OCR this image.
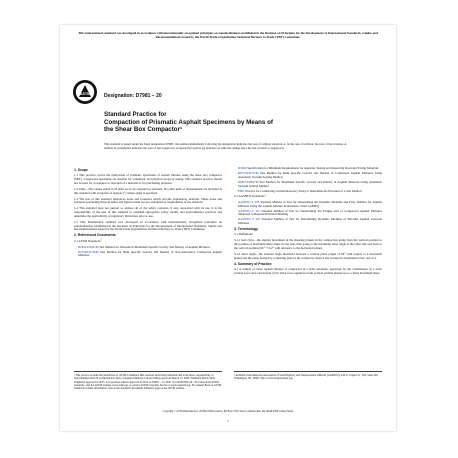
This international standard was developed in accordance with internationally recognized principles on standardization established in the Decision on Principles for the Development of International Standards, Guides and Recommendations issued by the World Trade Organization Technical Barriers to Trade (TBT) Committee.
ASTM	Designation: D7981 − 20
Standard Practice for
Compaction of Prismatic Asphalt Specimens by Means of
the Shear Box Compactor¹
This standard is issued under the fixed designation D7981; the number immediately following the designation indicates the year of original adoption or, in the case of revision, the year of last revision. A number in parentheses indicates the year of last reapproval. A superscript epsilon (ε) indicates an editorial change since the last revision or reapproval.
1. Scope

1.1 This practice covers the fabrication of prismatic specimens of asphalt mixture using the shear box compactor (SBC). Compacted specimens are suitable for volumetric and physical property testing. This standard practice should not be used for acceptance to rejection of a material or for purchasing purposes.

1.2 Units—The values stated in SI units are to be regarded as standard. No other units of measurement are included in this standard with exception of degrees (°) where angle is specified.

1.3 The text of this standard references notes and footnotes which provide explanatory material. These notes and footnotes (excluding those in tables and figures) shall not be considered as requirements of the standard.

1.4 This standard does not purport to address all of the safety concerns, if any, associated with its use. It is the responsibility of the user of this standard to establish appropriate safety, health, and environmental practices and determine the applicability of regulatory limitations prior to use.

1.5 This international standard was developed in accordance with internationally recognized principles on standardization established in the Decision on Principles for the Development of International Standards, Guides and Recommendations issued by the World Trade Organization Technical Barriers to Trade (TBT) Committee.

2. Referenced Documents

2.1 ASTM Standards:²

D2041/D2041M Test Method for Theoretical Maximum Specific Gravity and Density of Asphalt Mixtures

D2726/D2726M Test Method for Bulk Specific Gravity and Density of Non-Absorptive Compacted Asphalt Mixtures

D3666 Specification for Minimum Requirements for Agencies Testing and Inspecting Road and Paving Materials

D6752/D6752M Test Method for Bulk Specific Gravity and Density of Compacted Asphalt Mixtures Using Automatic Vacuum Sealing Method

D6857/D6857M Test Method for Maximum Specific Gravity and Density of Asphalt Mixtures Using Automatic Vacuum Sealing Method

E691 Practice for Conducting an Interlaboratory Study to Determine the Precision of a Test Method

2.2 AASHTO Standards:³

AASHTO T 378 Standard Method of Test for Determining the Dynamic Modulus and Flow Number for Asphalt Mixtures Using the Asphalt Mixture Performance Tester (AMPT)

AASHTO T 321 Standard Method of Test for Determining the Fatigue Life of Compacted Asphalt Mixtures Subjected to Repeated Flexural Bending

AASHTO T 342 Standard Method of Test for Determining Dynamic Modulus of Hot-Mix Asphalt Concrete Mixtures

3. Terminology

3.1 Definitions:

3.1.1 lead cycle—the angular movement of the shearing platens in the compaction going from the vertical position to the position of maximum shear angle in one side, then going to the maximum shear angle at the other side and back to the vertical position (90 ° ± 0.2° with reference to the horizontal plane).

3.1.2 shear angle—the external angle measured between a vertical plane (angle of 90° with respect to a horizontal plane) and the plane formed by a shearing plate in the compactor when it has reached its maximum travel. See at 4.

4. Summary of Practice

4.1 A sample of loose asphalt mixture is compacted in a fully automatic apparatus by the combination of a static vertical force and a horizontal cyclic shear force applied to both vertical parallel platens up to a fixed maximum shear

¹ This practice is under the jurisdiction of ASTM Committee D04 on Road and Paving Materials and is the direct responsibility of Subcommittee D04.20 on Mechanical Tests of Asphalt Mixtures. Current edition approved March 15, 2020. Published March 2020. Originally approved in 2015. Last previous edition approved in 2015 as D7981 – 15. DOI: 10.1520/D7981-20. ² For referenced ASTM standards, visit the ASTM website, www.astm.org, or contact ASTM Customer Service at service@astm.org. For Annual Book of ASTM Standards volume information, refer to the standard's Document Summary page on the ASTM website.
³ Available from American Association of State Highway and Transportation Officials (AASHTO), 444 N. Capitol St., NW, Suite 249, Washington, DC 20001, http://www.transportation.org.
Copyright © ASTM International, 100 Barr Harbor Drive, PO Box C700, West Conshohocken, PA 19428-2959. United States
1
